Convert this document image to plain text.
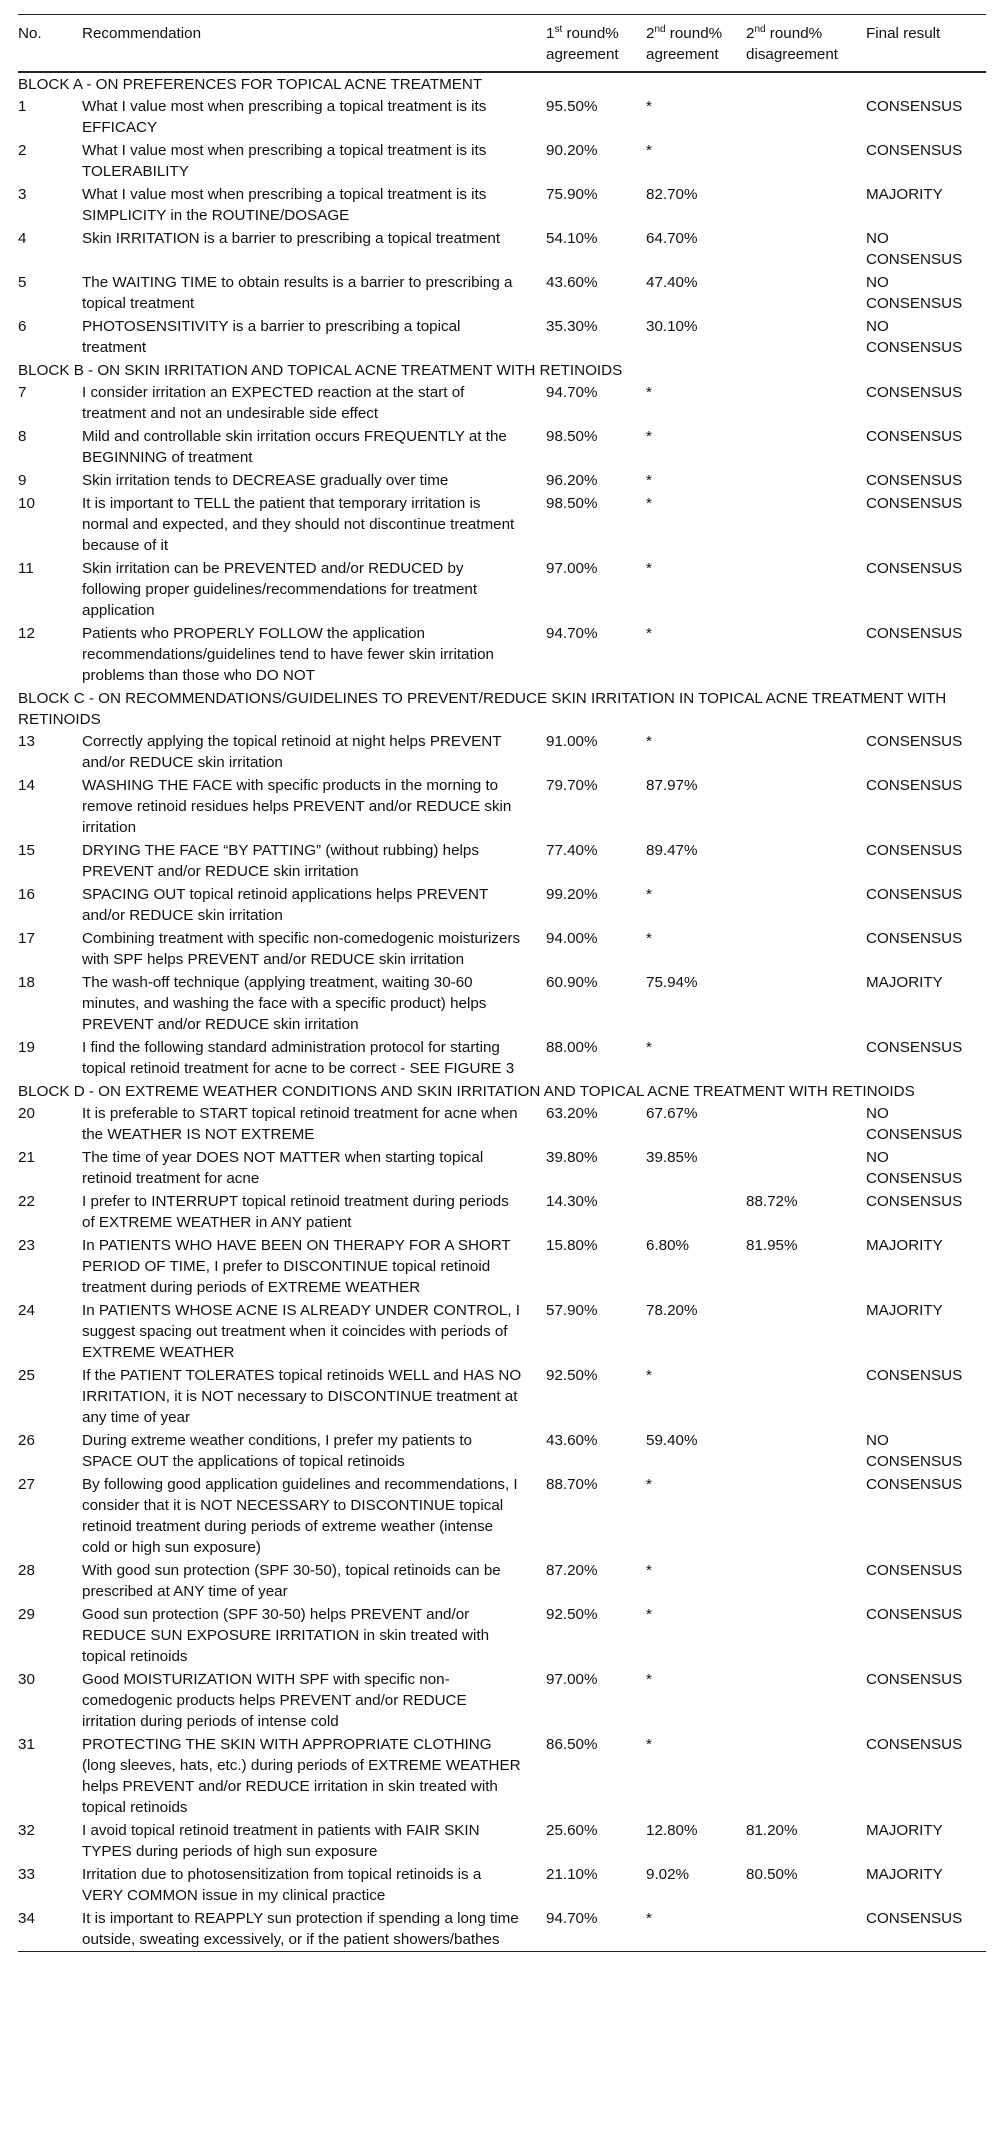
No.	Recommendation	1st round% agreement	2nd round% agreement	2nd round% disagreement	Final result
BLOCK A - ON PREFERENCES FOR TOPICAL ACNE TREATMENT					
1	What I value most when prescribing a topical treatment is its EFFICACY	95.50%	*		CONSENSUS
2	What I value most when prescribing a topical treatment is its TOLERABILITY	90.20%	*		CONSENSUS
3	What I value most when prescribing a topical treatment is its SIMPLICITY in the ROUTINE/DOSAGE	75.90%	82.70%		MAJORITY
4	Skin IRRITATION is a barrier to prescribing a topical treatment	54.10%	64.70%		NO CONSENSUS
5	The WAITING TIME to obtain results is a barrier to prescribing a topical treatment	43.60%	47.40%		NO CONSENSUS
6	PHOTOSENSITIVITY is a barrier to prescribing a topical treatment	35.30%	30.10%		NO CONSENSUS
BLOCK B - ON SKIN IRRITATION AND TOPICAL ACNE TREATMENT WITH RETINOIDS					
7	I consider irritation an EXPECTED reaction at the start of treatment and not an undesirable side effect	94.70%	*		CONSENSUS
8	Mild and controllable skin irritation occurs FREQUENTLY at the BEGINNING of treatment	98.50%	*		CONSENSUS
9	Skin irritation tends to DECREASE gradually over time	96.20%	*		CONSENSUS
10	It is important to TELL the patient that temporary irritation is normal and expected, and they should not discontinue treatment because of it	98.50%	*		CONSENSUS
11	Skin irritation can be PREVENTED and/or REDUCED by following proper guidelines/recommendations for treatment application	97.00%	*		CONSENSUS
12	Patients who PROPERLY FOLLOW the application recommendations/guidelines tend to have fewer skin irritation problems than those who DO NOT	94.70%	*		CONSENSUS
BLOCK C - ON RECOMMENDATIONS/GUIDELINES TO PREVENT/REDUCE SKIN IRRITATION IN TOPICAL ACNE TREATMENT WITH RETINOIDS					
13	Correctly applying the topical retinoid at night helps PREVENT and/or REDUCE skin irritation	91.00%	*		CONSENSUS
14	WASHING THE FACE with specific products in the morning to remove retinoid residues helps PREVENT and/or REDUCE skin irritation	79.70%	87.97%		CONSENSUS
15	DRYING THE FACE “BY PATTING” (without rubbing) helps PREVENT and/or REDUCE skin irritation	77.40%	89.47%		CONSENSUS
16	SPACING OUT topical retinoid applications helps PREVENT and/or REDUCE skin irritation	99.20%	*		CONSENSUS
17	Combining treatment with specific non-comedogenic moisturizers with SPF helps PREVENT and/or REDUCE skin irritation	94.00%	*		CONSENSUS
18	The wash-off technique (applying treatment, waiting 30-60 minutes, and washing the face with a specific product) helps PREVENT and/or REDUCE skin irritation	60.90%	75.94%		MAJORITY
19	I find the following standard administration protocol for starting topical retinoid treatment for acne to be correct - SEE FIGURE 3	88.00%	*		CONSENSUS
BLOCK D - ON EXTREME WEATHER CONDITIONS AND SKIN IRRITATION AND TOPICAL ACNE TREATMENT WITH RETINOIDS					
20	It is preferable to START topical retinoid treatment for acne when the WEATHER IS NOT EXTREME	63.20%	67.67%		NO CONSENSUS
21	The time of year DOES NOT MATTER when starting topical retinoid treatment for acne	39.80%	39.85%		NO CONSENSUS
22	I prefer to INTERRUPT topical retinoid treatment during periods of EXTREME WEATHER in ANY patient	14.30%		88.72%	CONSENSUS
23	In PATIENTS WHO HAVE BEEN ON THERAPY FOR A SHORT PERIOD OF TIME, I prefer to DISCONTINUE topical retinoid treatment during periods of EXTREME WEATHER	15.80%	6.80%	81.95%	MAJORITY
24	In PATIENTS WHOSE ACNE IS ALREADY UNDER CONTROL, I suggest spacing out treatment when it coincides with periods of EXTREME WEATHER	57.90%	78.20%		MAJORITY
25	If the PATIENT TOLERATES topical retinoids WELL and HAS NO IRRITATION, it is NOT necessary to DISCONTINUE treatment at any time of year	92.50%	*		CONSENSUS
26	During extreme weather conditions, I prefer my patients to SPACE OUT the applications of topical retinoids	43.60%	59.40%		NO CONSENSUS
27	By following good application guidelines and recommendations, I consider that it is NOT NECESSARY to DISCONTINUE topical retinoid treatment during periods of extreme weather (intense cold or high sun exposure)	88.70%	*		CONSENSUS
28	With good sun protection (SPF 30-50), topical retinoids can be prescribed at ANY time of year	87.20%	*		CONSENSUS
29	Good sun protection (SPF 30-50) helps PREVENT and/or REDUCE SUN EXPOSURE IRRITATION in skin treated with topical retinoids	92.50%	*		CONSENSUS
30	Good MOISTURIZATION WITH SPF with specific non-comedogenic products helps PREVENT and/or REDUCE irritation during periods of intense cold	97.00%	*		CONSENSUS
31	PROTECTING THE SKIN WITH APPROPRIATE CLOTHING (long sleeves, hats, etc.) during periods of EXTREME WEATHER helps PREVENT and/or REDUCE irritation in skin treated with topical retinoids	86.50%	*		CONSENSUS
32	I avoid topical retinoid treatment in patients with FAIR SKIN TYPES during periods of high sun exposure	25.60%	12.80%	81.20%	MAJORITY
33	Irritation due to photosensitization from topical retinoids is a VERY COMMON issue in my clinical practice	21.10%	9.02%	80.50%	MAJORITY
34	It is important to REAPPLY sun protection if spending a long time outside, sweating excessively, or if the patient showers/bathes	94.70%	*		CONSENSUS
